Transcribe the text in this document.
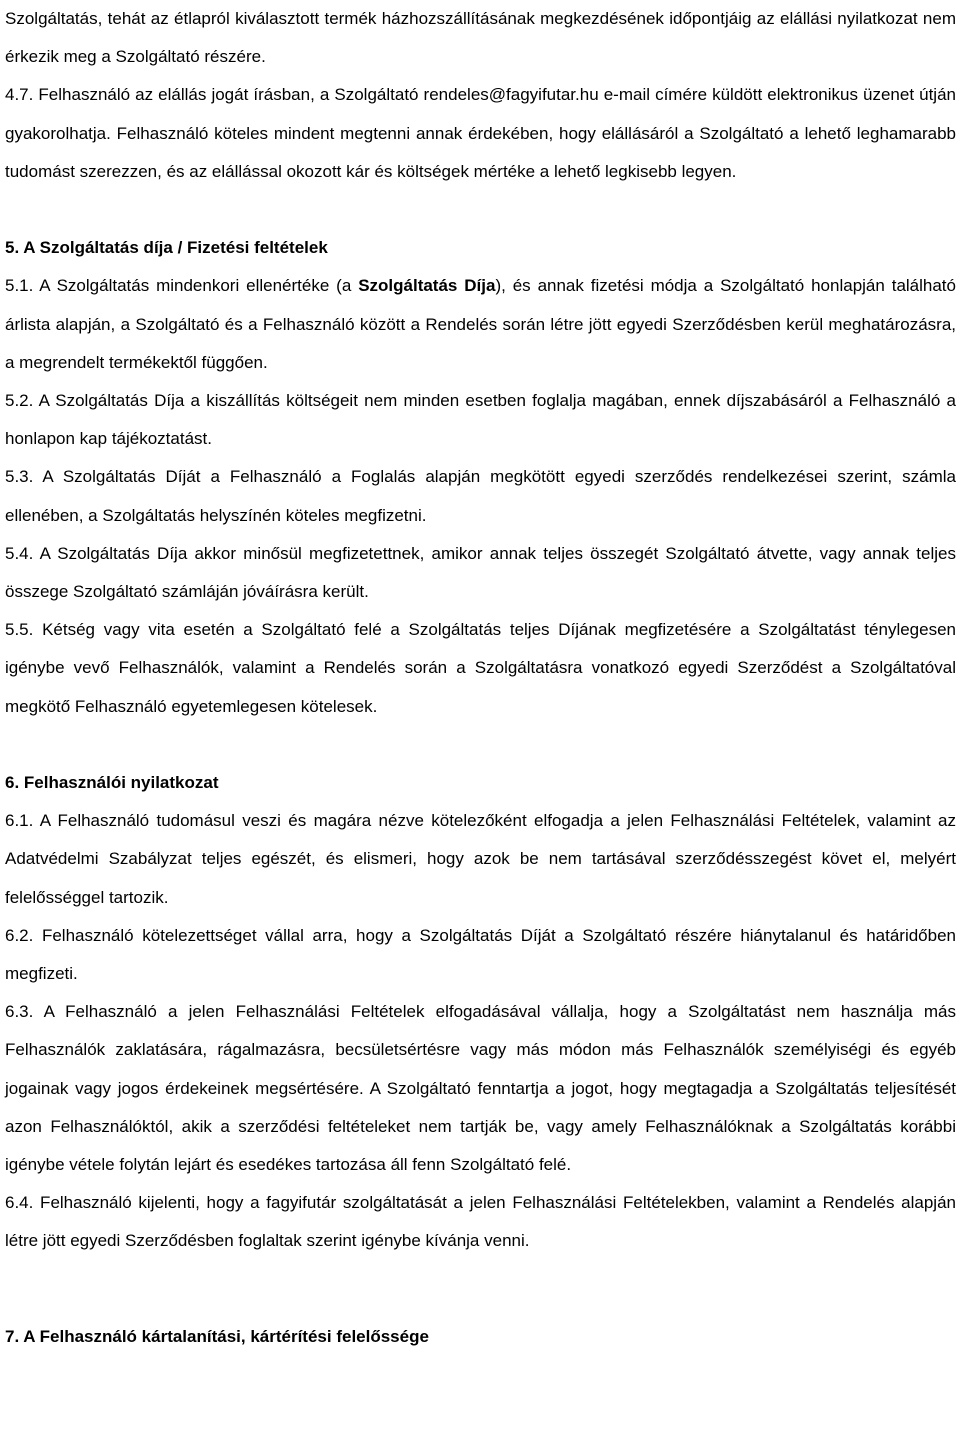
Szolgáltatás, tehát az étlapról kiválasztott termék házhozszállításának megkezdésének időpontjáig az elállási nyilatkozat nem érkezik meg a Szolgáltató részére.

4.7. Felhasználó az elállás jogát írásban, a Szolgáltató rendeles@fagyifutar.hu e-mail címére küldött elektronikus üzenet útján gyakorolhatja. Felhasználó köteles mindent megtenni annak érdekében, hogy elállásáról a Szolgáltató a lehető leghamarabb tudomást szerezzen, és az elállással okozott kár és költségek mértéke a lehető legkisebb legyen.

5. A Szolgáltatás díja / Fizetési feltételek

5.1. A Szolgáltatás mindenkori ellenértéke (a Szolgáltatás Díja), és annak fizetési módja a Szolgáltató honlapján található árlista alapján, a Szolgáltató és a Felhasználó között a Rendelés során létre jött egyedi Szerződésben kerül meghatározásra, a megrendelt termékektől függően.

5.2. A Szolgáltatás Díja a kiszállítás költségeit nem minden esetben foglalja magában, ennek díjszabásáról a Felhasználó a honlapon kap tájékoztatást.

5.3. A Szolgáltatás Díját a Felhasználó a Foglalás alapján megkötött egyedi szerződés rendelkezései szerint, számla ellenében, a Szolgáltatás helyszínén köteles megfizetni.

5.4. A Szolgáltatás Díja akkor minősül megfizetettnek, amikor annak teljes összegét Szolgáltató átvette, vagy annak teljes összege Szolgáltató számláján jóváírásra került.

5.5. Kétség vagy vita esetén a Szolgáltató felé a Szolgáltatás teljes Díjának megfizetésére a Szolgáltatást ténylegesen igénybe vevő Felhasználók, valamint a Rendelés során a Szolgáltatásra vonatkozó egyedi Szerződést a Szolgáltatóval megkötő Felhasználó egyetemlegesen kötelesek.

6. Felhasználói nyilatkozat

6.1. A Felhasználó tudomásul veszi és magára nézve kötelezőként elfogadja a jelen Felhasználási Feltételek, valamint az Adatvédelmi Szabályzat teljes egészét, és elismeri, hogy azok be nem tartásával szerződésszegést követ el, melyért felelősséggel tartozik.

6.2. Felhasználó kötelezettséget vállal arra, hogy a Szolgáltatás Díját a Szolgáltató részére hiánytalanul és határidőben megfizeti.

6.3. A Felhasználó a jelen Felhasználási Feltételek elfogadásával vállalja, hogy a Szolgáltatást nem használja más Felhasználók zaklatására, rágalmazásra, becsületsértésre vagy más módon más Felhasználók személyiségi és egyéb jogainak vagy jogos érdekeinek megsértésére. A Szolgáltató fenntartja a jogot, hogy megtagadja a Szolgáltatás teljesítését azon Felhasználóktól, akik a szerződési feltételeket nem tartják be, vagy amely Felhasználóknak a Szolgáltatás korábbi igénybe vétele folytán lejárt és esedékes tartozása áll fenn Szolgáltató felé.

6.4. Felhasználó kijelenti, hogy a fagyifutár szolgáltatását a jelen Felhasználási Feltételekben, valamint a Rendelés alapján létre jött egyedi Szerződésben foglaltak szerint igénybe kívánja venni.

7. A Felhasználó kártalanítási, kártérítési felelőssége
